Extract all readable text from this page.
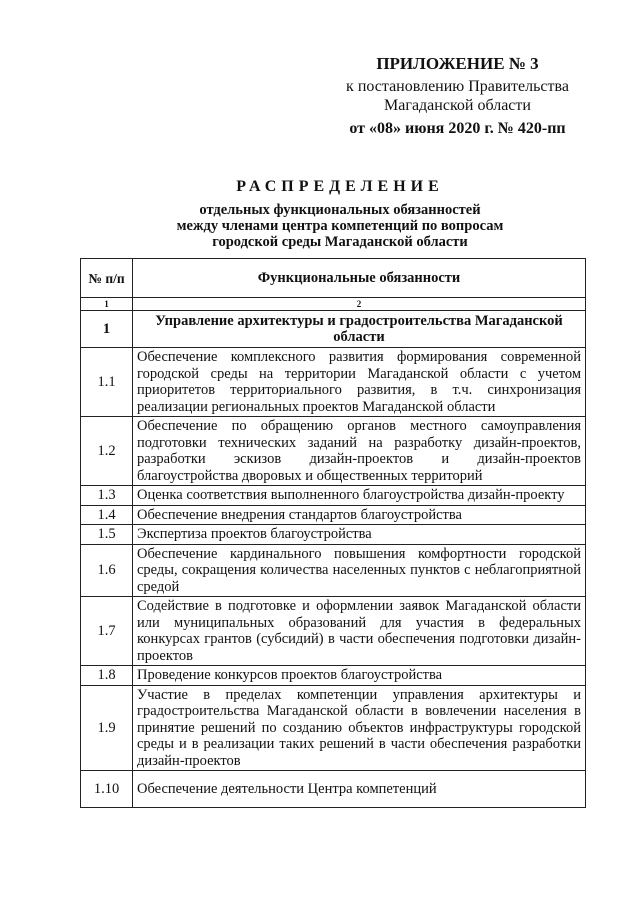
ПРИЛОЖЕНИЕ № 3
к постановлению Правительства
Магаданской области
от «08» июня 2020 г. № 420-пп
РАСПРЕДЕЛЕНИЕ
отдельных функциональных обязанностей
между членами центра компетенций по вопросам
городской среды Магаданской области
№ п/п	Функциональные обязанности
1	2
1	Управление архитектуры и градостроительства Магаданской области
1.1	Обеспечение комплексного развития формирования современной городской среды на территории Магаданской области с учетом приоритетов территориального развития, в т.ч. синхронизация реализации региональных проектов Магаданской области
1.2	Обеспечение по обращению органов местного самоуправления подготовки технических заданий на разработку дизайн-проектов, разработки эскизов дизайн-проектов и дизайн-проектов благоустройства дворовых и общественных территорий
1.3	Оценка соответствия выполненного благоустройства дизайн-проекту
1.4	Обеспечение внедрения стандартов благоустройства
1.5	Экспертиза проектов благоустройства
1.6	Обеспечение кардинального повышения комфортности городской среды, сокращения количества населенных пунктов с неблагоприятной средой
1.7	Содействие в подготовке и оформлении заявок Магаданской области или муниципальных образований для участия в федеральных конкурсах грантов (субсидий) в части обеспечения подготовки дизайн-проектов
1.8	Проведение конкурсов проектов благоустройства
1.9	Участие в пределах компетенции управления архитектуры и градостроительства Магаданской области в вовлечении населения в принятие решений по созданию объектов инфраструктуры городской среды и в реализации таких решений в части обеспечения разработки дизайн-проектов
1.10	Обеспечение деятельности Центра компетенций
